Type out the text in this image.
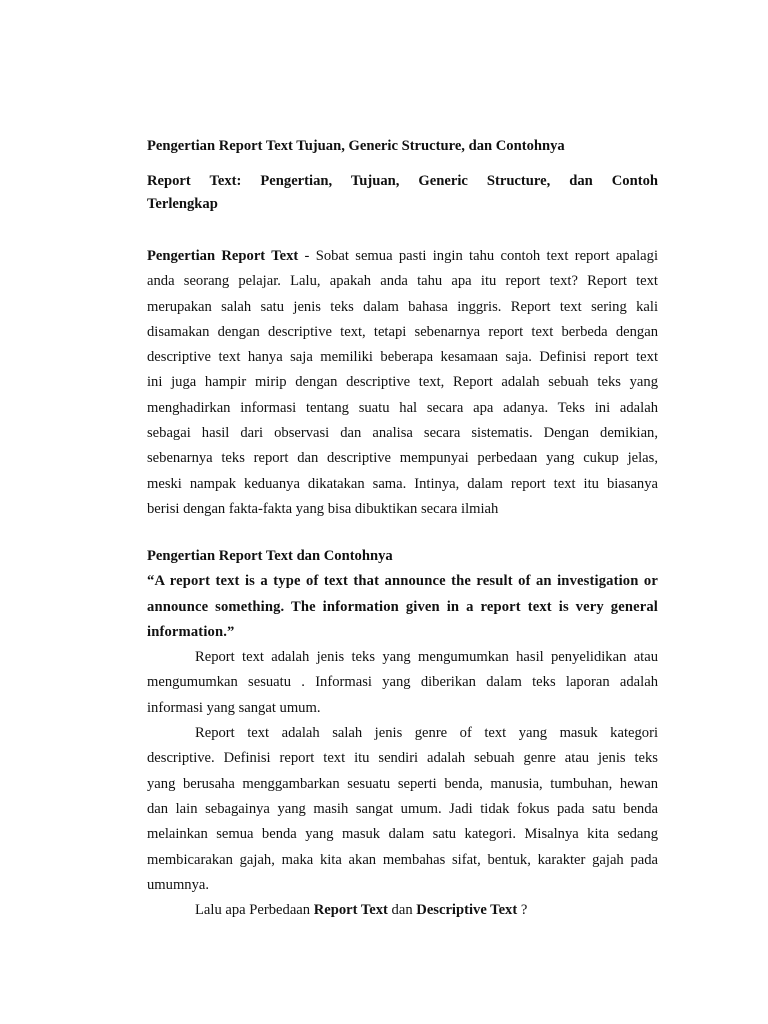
Pengertian Report Text Tujuan, Generic Structure, dan Contohnya
Report Text: Pengertian, Tujuan, Generic Structure, dan Contoh
Terlengkap
Pengertian Report Text - Sobat semua pasti ingin tahu contoh text report apalagi
anda seorang pelajar. Lalu, apakah anda tahu apa itu report text? Report text
merupakan salah satu jenis teks dalam bahasa inggris. Report text sering kali
disamakan dengan descriptive text, tetapi sebenarnya report text berbeda dengan
descriptive text hanya saja memiliki beberapa kesamaan saja. Definisi report text
ini juga hampir mirip dengan descriptive text, Report adalah sebuah teks yang
menghadirkan informasi tentang suatu hal secara apa adanya. Teks ini adalah
sebagai hasil dari observasi dan analisa secara sistematis. Dengan demikian,
sebenarnya teks report dan descriptive mempunyai perbedaan yang cukup jelas,
meski nampak keduanya dikatakan sama. Intinya, dalam report text itu biasanya
berisi dengan fakta-fakta yang bisa dibuktikan secara ilmiah
Pengertian Report Text dan Contohnya
“A report text is a type of text that announce the result of an investigation or
announce something. The information given in a report text is very general
information.”
Report text adalah jenis teks yang mengumumkan hasil penyelidikan atau
mengumumkan sesuatu . Informasi yang diberikan dalam teks laporan adalah
informasi yang sangat umum.
Report text adalah salah jenis genre of text yang masuk kategori
descriptive. Definisi report text itu sendiri adalah sebuah genre atau jenis teks
yang berusaha menggambarkan sesuatu seperti benda, manusia, tumbuhan, hewan
dan lain sebagainya yang masih sangat umum. Jadi tidak fokus pada satu benda
melainkan semua benda yang masuk dalam satu kategori. Misalnya kita sedang
membicarakan gajah, maka kita akan membahas sifat, bentuk, karakter gajah pada
umumnya.
Lalu apa Perbedaan Report Text dan Descriptive Text ?
